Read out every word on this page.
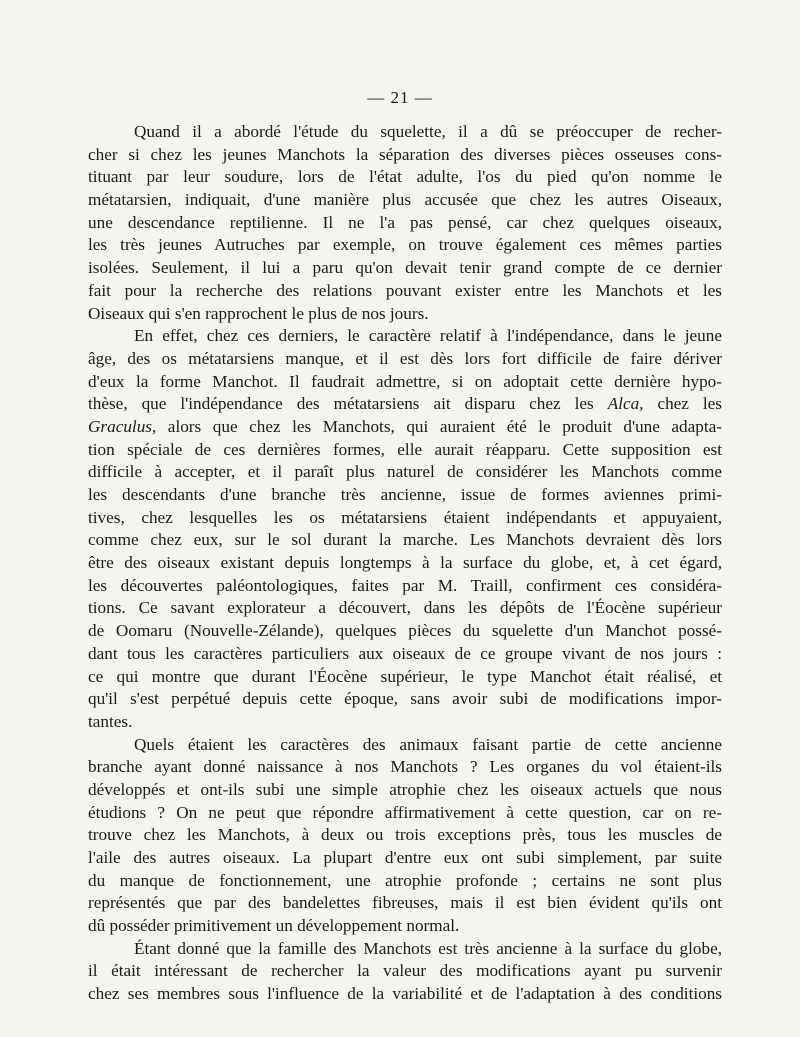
— 21 —
Quand il a abordé l'étude du squelette, il a dû se préoccuper de recher-
cher si chez les jeunes Manchots la séparation des diverses pièces osseuses cons-
tituant par leur soudure, lors de l'état adulte, l'os du pied qu'on nomme le
métatarsien, indiquait, d'une manière plus accusée que chez les autres Oiseaux,
une descendance reptilienne. Il ne l'a pas pensé, car chez quelques oiseaux,
les très jeunes Autruches par exemple, on trouve également ces mêmes parties
isolées. Seulement, il lui a paru qu'on devait tenir grand compte de ce dernier
fait pour la recherche des relations pouvant exister entre les Manchots et les
Oiseaux qui s'en rapprochent le plus de nos jours.
En effet, chez ces derniers, le caractère relatif à l'indépendance, dans le jeune
âge, des os métatarsiens manque, et il est dès lors fort difficile de faire dériver
d'eux la forme Manchot. Il faudrait admettre, si on adoptait cette dernière hypo-
thèse, que l'indépendance des métatarsiens ait disparu chez les Alca, chez les
Graculus, alors que chez les Manchots, qui auraient été le produit d'une adapta-
tion spéciale de ces dernières formes, elle aurait réapparu. Cette supposition est
difficile à accepter, et il paraît plus naturel de considérer les Manchots comme
les descendants d'une branche très ancienne, issue de formes aviennes primi-
tives, chez lesquelles les os métatarsiens étaient indépendants et appuyaient,
comme chez eux, sur le sol durant la marche. Les Manchots devraient dès lors
être des oiseaux existant depuis longtemps à la surface du globe, et, à cet égard,
les découvertes paléontologiques, faites par M. Traill, confirment ces considéra-
tions. Ce savant explorateur a découvert, dans les dépôts de l'Éocène supérieur
de Oomaru (Nouvelle-Zélande), quelques pièces du squelette d'un Manchot possé-
dant tous les caractères particuliers aux oiseaux de ce groupe vivant de nos jours :
ce qui montre que durant l'Éocène supérieur, le type Manchot était réalisé, et
qu'il s'est perpétué depuis cette époque, sans avoir subi de modifications impor-
tantes.
Quels étaient les caractères des animaux faisant partie de cette ancienne
branche ayant donné naissance à nos Manchots ? Les organes du vol étaient-ils
développés et ont-ils subi une simple atrophie chez les oiseaux actuels que nous
étudions ? On ne peut que répondre affirmativement à cette question, car on re-
trouve chez les Manchots, à deux ou trois exceptions près, tous les muscles de
l'aile des autres oiseaux. La plupart d'entre eux ont subi simplement, par suite
du manque de fonctionnement, une atrophie profonde ; certains ne sont plus
représentés que par des bandelettes fibreuses, mais il est bien évident qu'ils ont
dû posséder primitivement un développement normal.
Étant donné que la famille des Manchots est très ancienne à la surface du globe,
il était intéressant de rechercher la valeur des modifications ayant pu survenir
chez ses membres sous l'influence de la variabilité et de l'adaptation à des conditions
